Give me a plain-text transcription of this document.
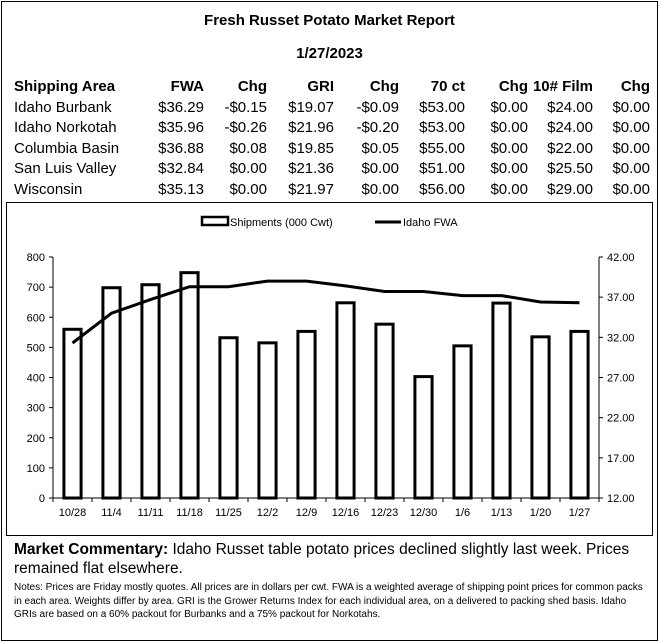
Fresh Russet Potato Market Report
1/27/2023
Shipping Area	FWA	Chg	GRI	Chg	70 ct	Chg	10# Film	Chg
Idaho Burbank	$36.29	-$0.15	$19.07	-$0.09	$53.00	$0.00	$24.00	$0.00
Idaho Norkotah	$35.96	-$0.26	$21.96	-$0.20	$53.00	$0.00	$24.00	$0.00
Columbia Basin	$36.88	$0.08	$19.85	$0.05	$55.00	$0.00	$22.00	$0.00
San Luis Valley	$32.84	$0.00	$21.36	$0.00	$51.00	$0.00	$25.50	$0.00
Wisconsin	$35.13	$0.00	$21.97	$0.00	$56.00	$0.00	$29.00	$0.00
0
100
200
300
400
500
600
700
800
12.00
17.00
22.00
27.00
32.00
37.00
42.00
10/28 11/4 11/11 11/18 11/25 12/2 12/9 12/16 12/23 12/30 1/6 1/13 1/20 1/27
Shipments (000 Cwt)	Idaho FWA
Market Commentary: Idaho Russet table potato prices declined slightly last week. Prices remained flat elsewhere.
Notes: Prices are Friday mostly quotes. All prices are in dollars per cwt. FWA is a weighted average of shipping point prices for common packs in each area. Weights differ by area. GRI is the Grower Returns Index for each individual area, on a delivered to packing shed basis. Idaho GRIs are based on a 60% packout for Burbanks and a 75% packout for Norkotahs.
